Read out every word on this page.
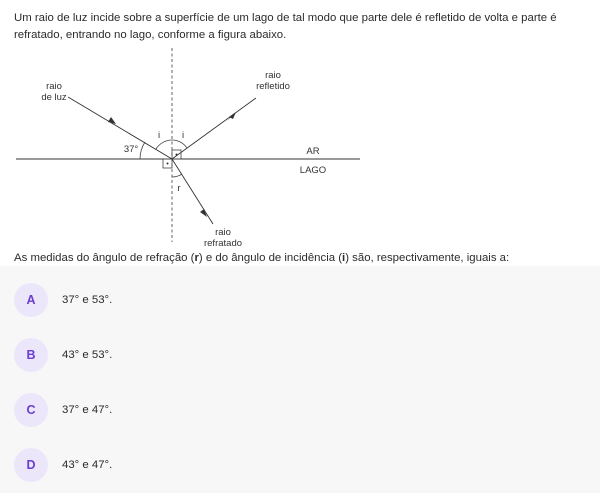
Um raio de luz incide sobre a superfície de um lago de tal modo que parte dele é refletido de volta e parte é refratado, entrando no lago, conforme a figura abaixo.
raio
de luz
raio
refletido
raio
refratado
37°
i i
r
AR
LAGO
As medidas do ângulo de refração (r) e do ângulo de incidência (i) são, respectivamente, iguais a:
A	37° e 53°.
B	43° e 53°.
C	37° e 47°.
D	43° e 47°.
